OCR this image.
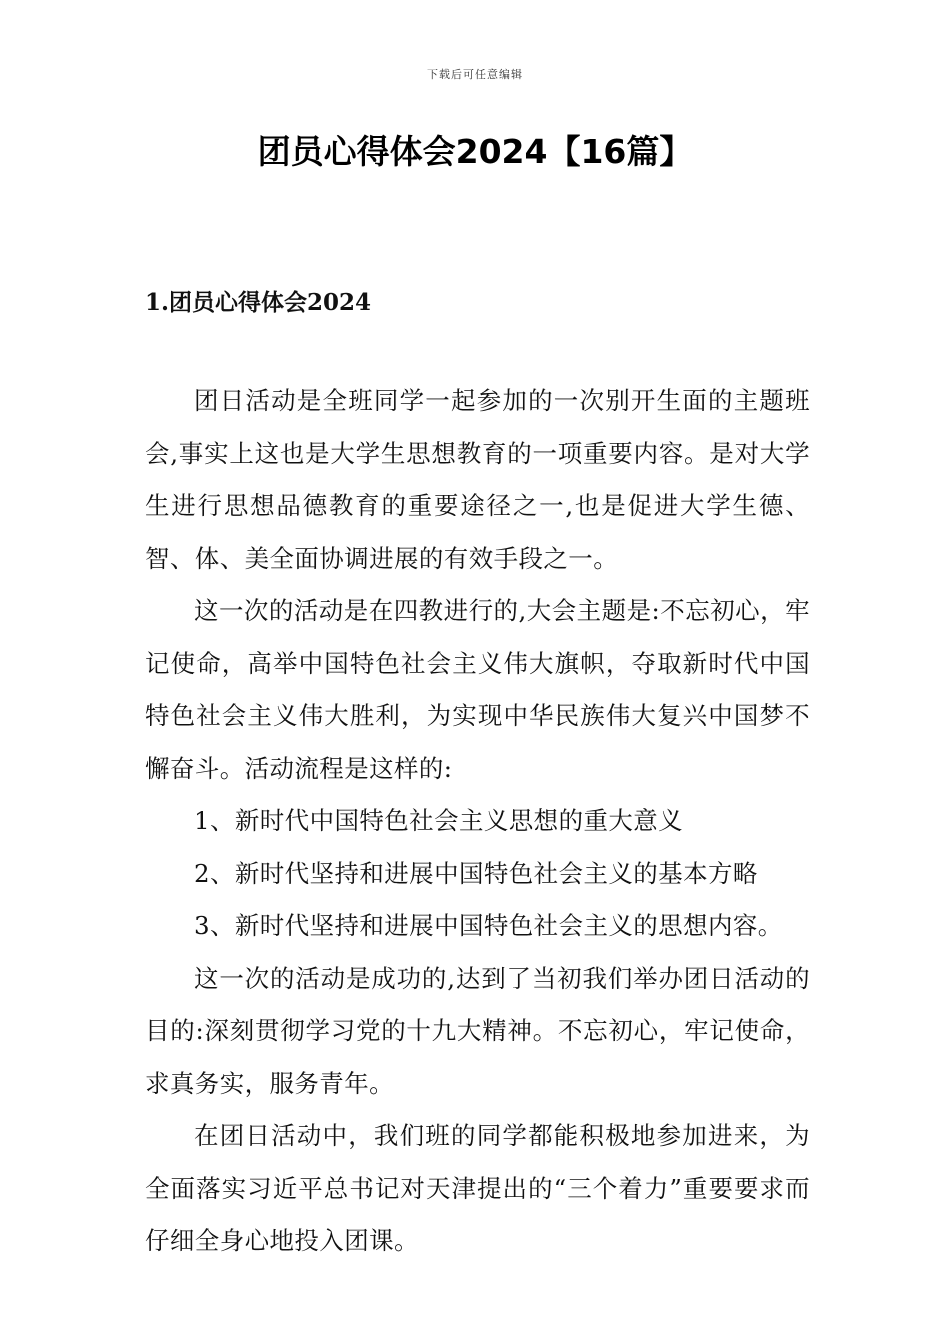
下载后可任意编辑
团员心得体会2024【16篇】
1.团员心得体会2024

团日活动是全班同学一起参加的一次别开生面的主题班会,事实上这也是大学生思想教育的一项重要内容。是对大学生进行思想品德教育的重要途径之一,也是促进大学生德、智、体、美全面协调进展的有效手段之一。

这一次的活动是在四教进行的,大会主题是:不忘初心，牢记使命，高举中国特色社会主义伟大旗帜，夺取新时代中国特色社会主义伟大胜利，为实现中华民族伟大复兴中国梦不懈奋斗。活动流程是这样的:

1、新时代中国特色社会主义思想的重大意义

2、新时代坚持和进展中国特色社会主义的基本方略

3、新时代坚持和进展中国特色社会主义的思想内容。

这一次的活动是成功的,达到了当初我们举办团日活动的目的:深刻贯彻学习党的十九大精神。不忘初心，牢记使命，求真务实，服务青年。

在团日活动中，我们班的同学都能积极地参加进来，为全面落实习近平总书记对天津提出的“三个着力”重要要求而仔细全身心地投入团课。
